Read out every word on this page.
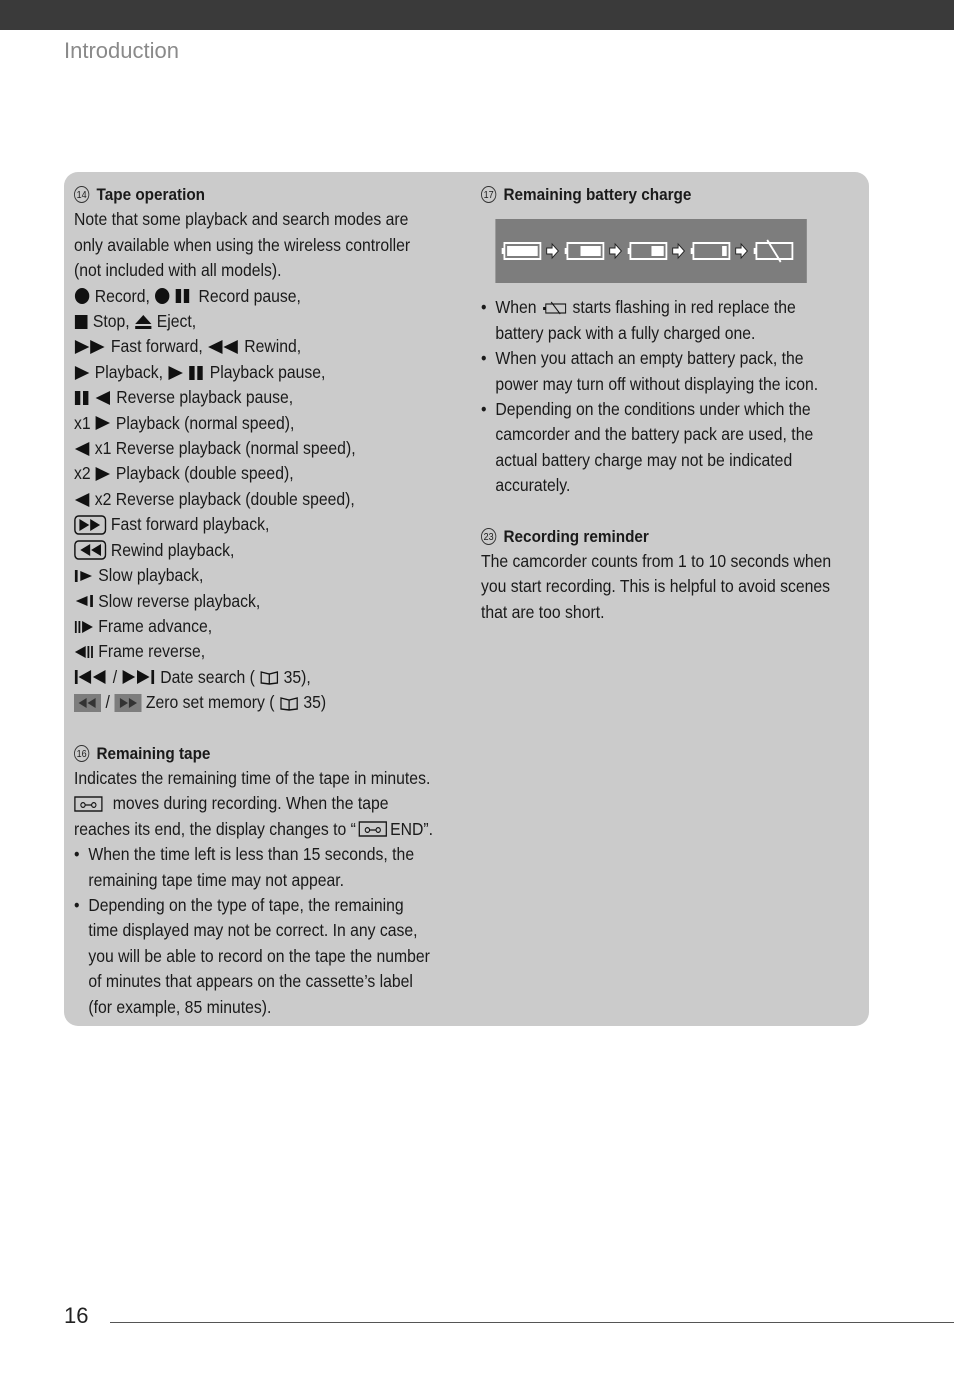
Introduction
14 Tape operation
Note that some playback and search modes are
only available when using the wireless controller
(not included with all models).
Record,	Record pause,
Stop, Eject,
Fast forward, Rewind,
Playback,	Playback pause,
Reverse playback pause,
x1 Playback (normal speed),
x1 Reverse playback (normal speed),
x2 Playback (double speed),
x2 Reverse playback (double speed),
Fast forward playback,
Rewind playback,
Slow playback,
Slow reverse playback,
Frame advance,
Frame reverse,
/ Date search ( 35),
/ Zero set memory ( 35)
16 Remaining tape
Indicates the remaining time of the tape in minutes.
moves during recording. When the tape
reaches its end, the display changes to “ END”.
• When the time left is less than 15 seconds, the
remaining tape time may not appear.
• Depending on the type of tape, the remaining
time displayed may not be correct. In any case,
you will be able to record on the tape the number
of minutes that appears on the cassette’s label
(for example, 85 minutes).
17 Remaining battery charge
• When starts flashing in red replace the
battery pack with a fully charged one.
• When you attach an empty battery pack, the
power may turn off without displaying the icon.
• Depending on the conditions under which the
camcorder and the battery pack are used, the
actual battery charge may not be indicated
accurately.
23 Recording reminder
The camcorder counts from 1 to 10 seconds when
you start recording. This is helpful to avoid scenes
that are too short.
16
